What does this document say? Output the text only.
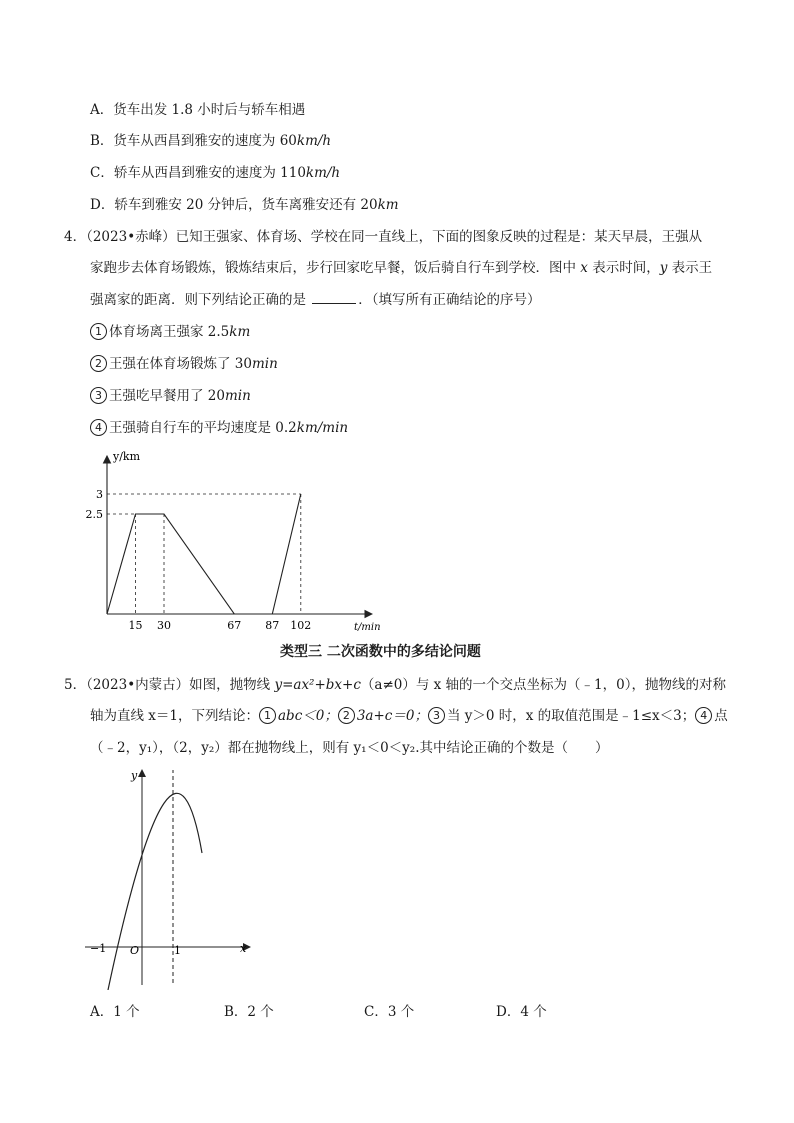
A．货车出发 1.8 小时后与轿车相遇
B．货车从西昌到雅安的速度为 60km/h
C．轿车从西昌到雅安的速度为 110km/h
D．轿车到雅安 20 分钟后，货车离雅安还有 20km
4．（2023•赤峰）已知王强家、体育场、学校在同一直线上，下面的图象反映的过程是：某天早晨，王强从
家跑步去体育场锻炼，锻炼结束后，步行回家吃早餐，饭后骑自行车到学校．图中 x 表示时间，y 表示王
强离家的距离．则下列结论正确的是	．（填写所有正确结论的序号）
1 体育场离王强家 2.5km
2 王强在体育场锻炼了 30min
3 王强吃早餐用了 20min
4 王强骑自行车的平均速度是 0.2km/min
y/km
t/min
15 30	67 87 102
2.5
3
类型三 二次函数中的多结论问题
5．（2023•内蒙古）如图，抛物线 y=ax²+bx+c（a≠0）与 x 轴的一个交点坐标为（﹣1，0），抛物线的对称
轴为直线 x＝1，下列结论： 1 abc＜0； 2 3a+c＝0； 3 当 y＞0 时，x 的取值范围是﹣1≤x＜3； 4 点
（﹣2，y₁），（2，y₂）都在抛物线上，则有 y₁＜0＜y₂.其中结论正确的个数是（　　）
y
x
O
−1	1
A．1 个	B．2 个	C．3 个	D．4 个
